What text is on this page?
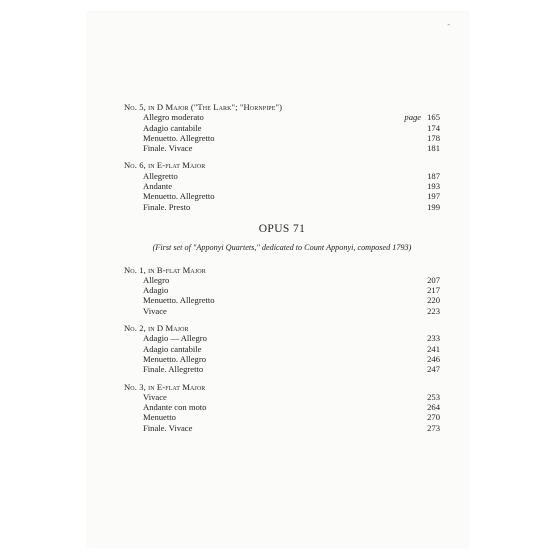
-
No. 5, in D Major ("The Lark"; "Hornpipe")
Allegro moderato	page 165
Adagio cantabile	174
Menuetto. Allegretto	178
Finale. Vivace	181
No. 6, in E-flat Major
Allegretto	187
Andante	193
Menuetto. Allegretto	197
Finale. Presto	199
OPUS 71
(First set of "Apponyi Quartets," dedicated to Count Apponyi, composed 1793)
No. 1, in B-flat Major
Allegro	207
Adagio	217
Menuetto. Allegretto	220
Vivace	223
No. 2, in D Major
Adagio — Allegro	233
Adagio cantabile	241
Menuetto. Allegro	246
Finale. Allegretto	247
No. 3, in E-flat Major
Vivace	253
Andante con moto	264
Menuetto	270
Finale. Vivace	273
